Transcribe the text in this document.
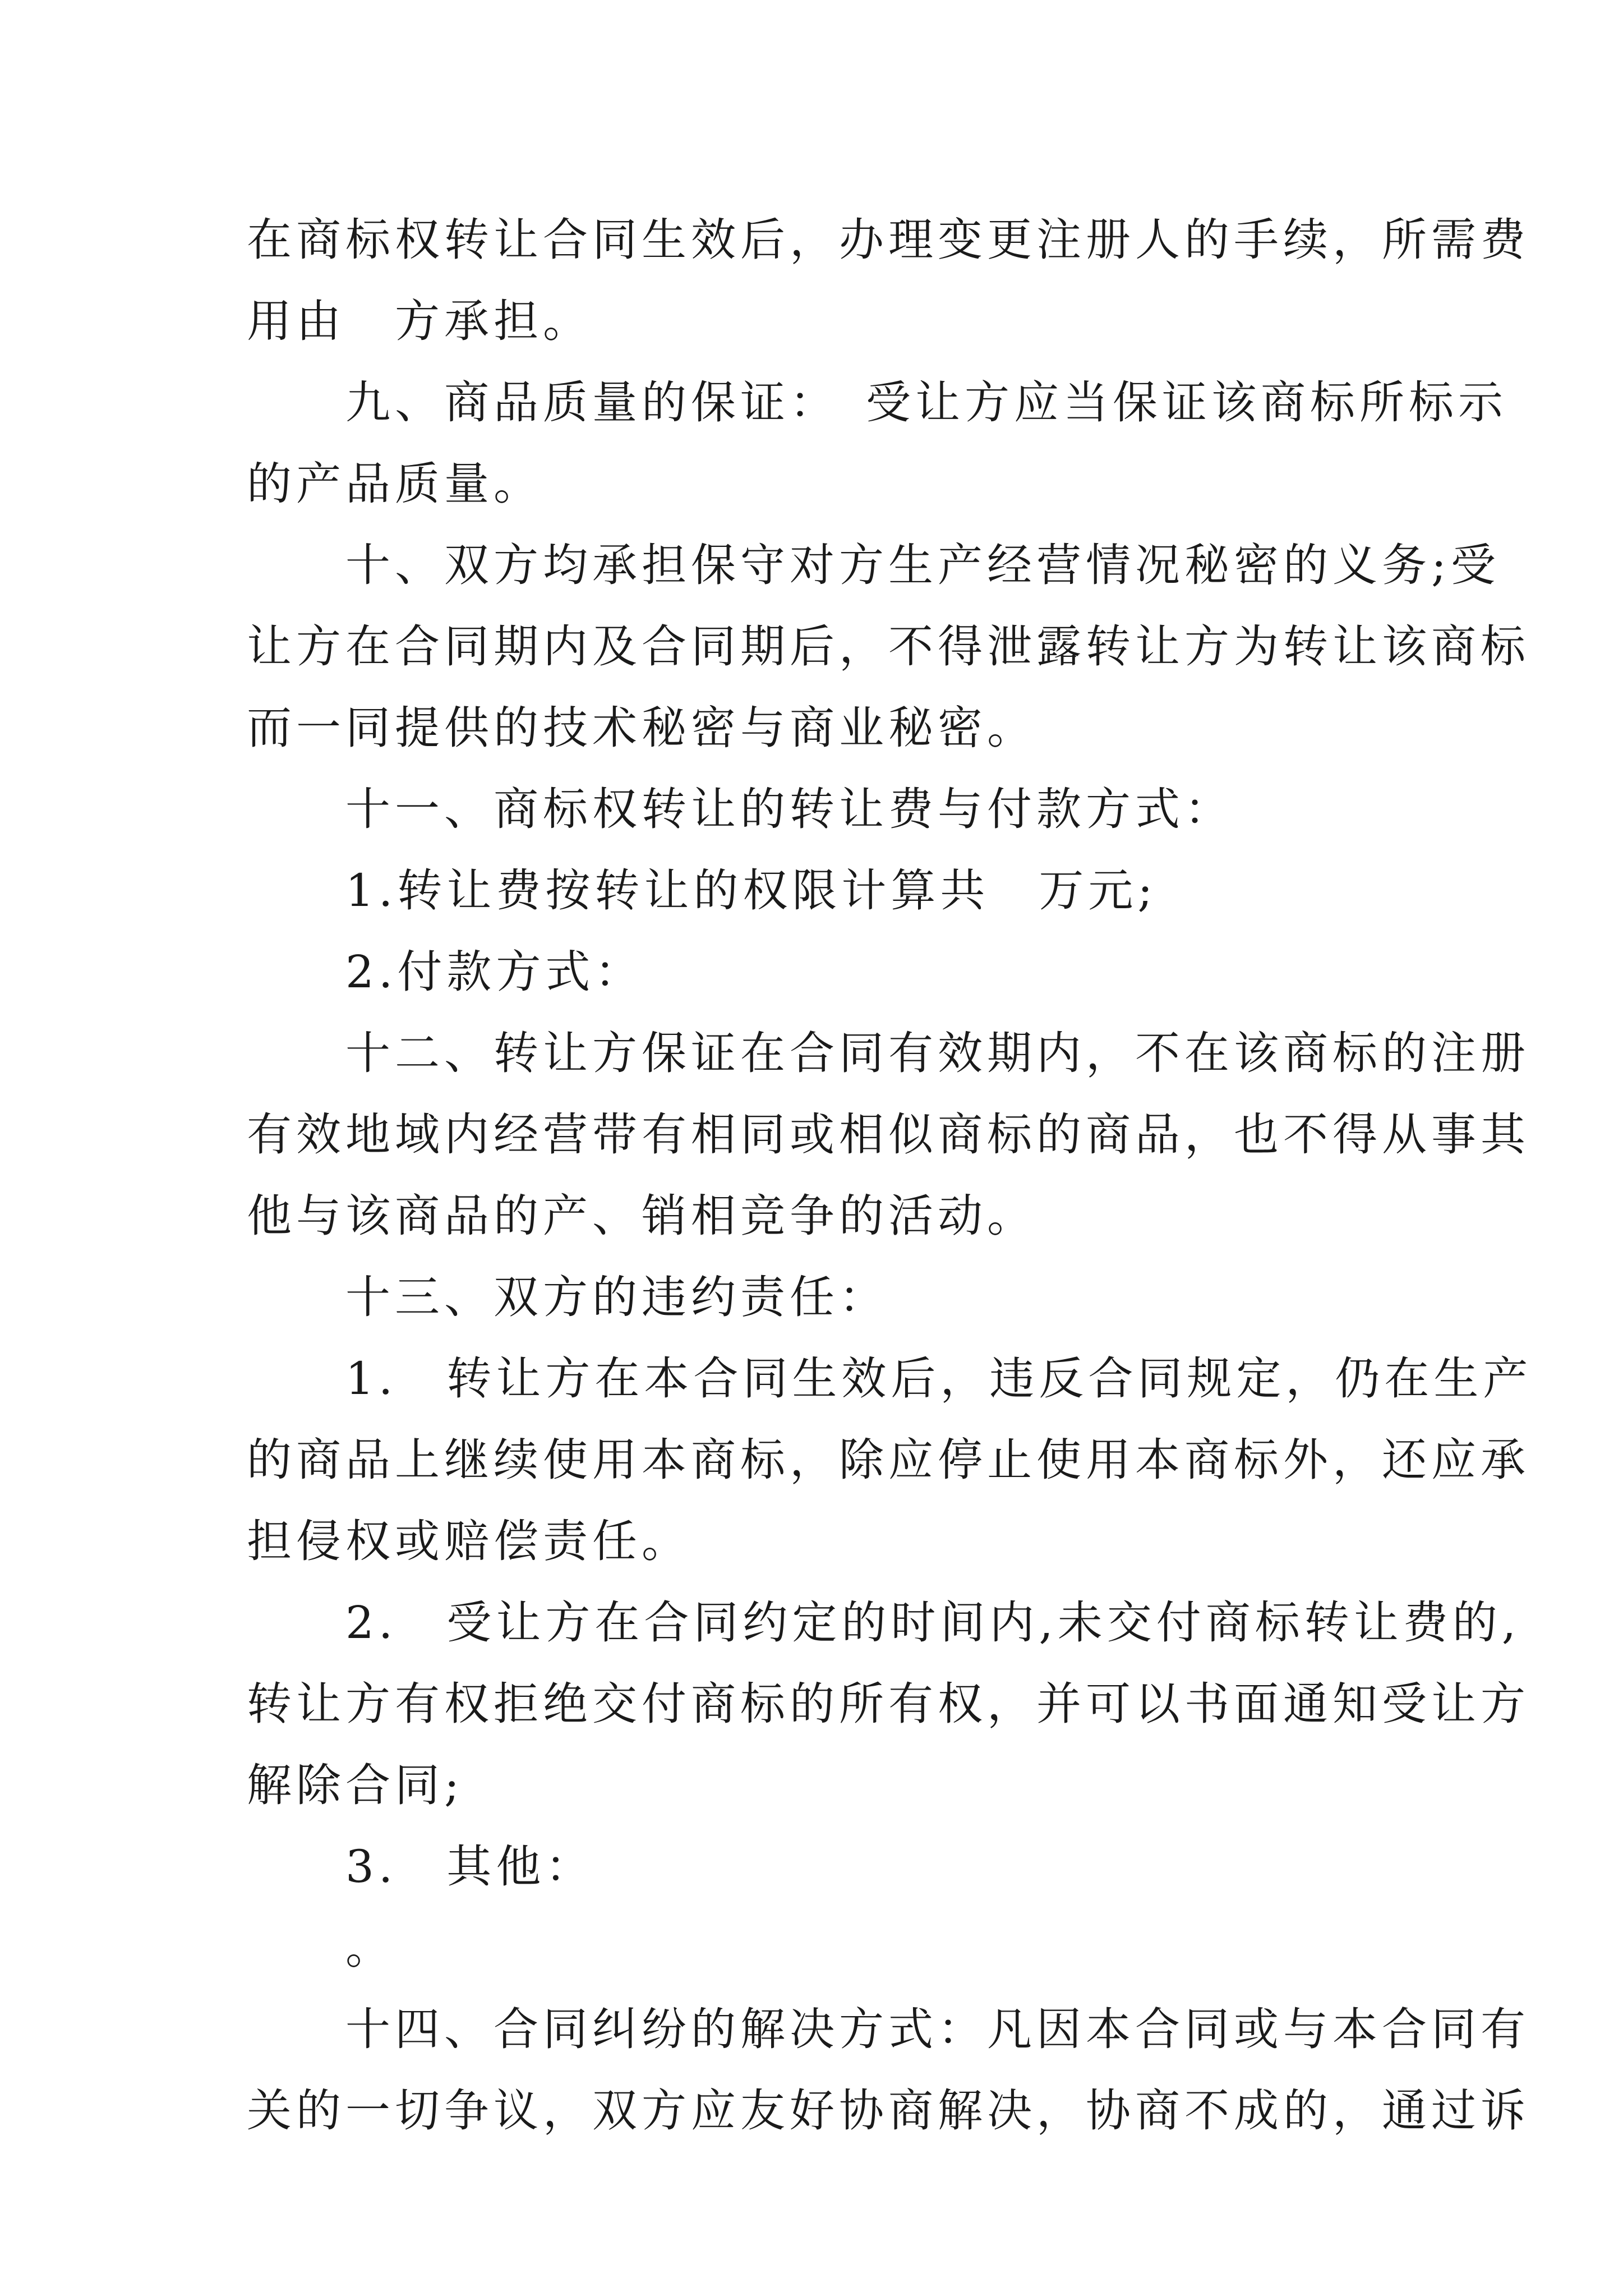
在商标权转让合同生效后，办理变更注册人的手续，所需费
用由　方承担。
　　九、商品质量的保证：　受让方应当保证该商标所标示
的产品质量。
　　十、双方均承担保守对方生产经营情况秘密的义务;受
让方在合同期内及合同期后，不得泄露转让方为转让该商标
而一同提供的技术秘密与商业秘密。
　　十一、商标权转让的转让费与付款方式：
　　1.转让费按转让的权限计算共　万元;
　　2.付款方式：
　　十二、转让方保证在合同有效期内，不在该商标的注册
有效地域内经营带有相同或相似商标的商品，也不得从事其
他与该商品的产、销相竞争的活动。
　　十三、双方的违约责任：
　　1.　转让方在本合同生效后，违反合同规定，仍在生产
的商品上继续使用本商标，除应停止使用本商标外，还应承
担侵权或赔偿责任。
　　2.　受让方在合同约定的时间内,未交付商标转让费的,
转让方有权拒绝交付商标的所有权，并可以书面通知受让方
解除合同;
　　3.　其他：
　　。
　　十四、合同纠纷的解决方式：凡因本合同或与本合同有
关的一切争议，双方应友好协商解决，协商不成的，通过诉
